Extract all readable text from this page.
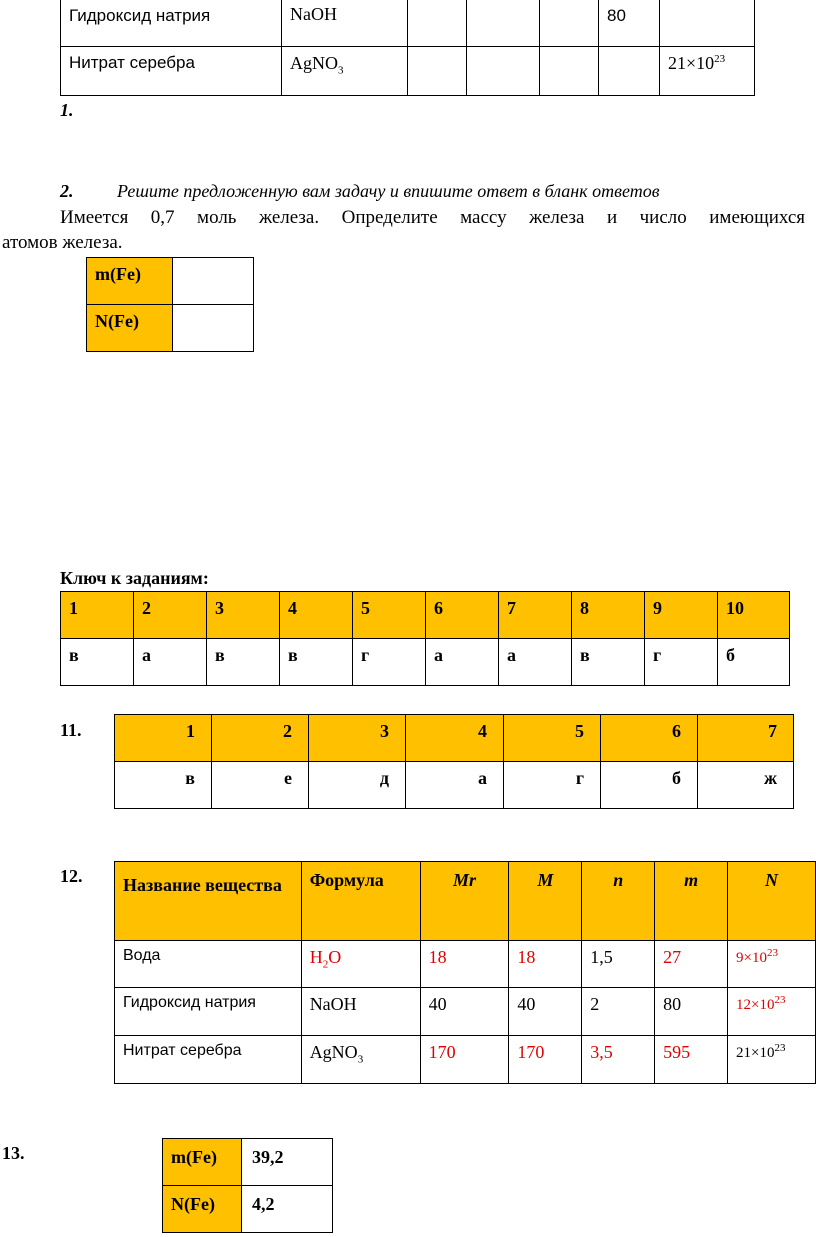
Гидроксид натрия	NaOH				80	
Нитрат серебра	AgNO$_3$					$21\times 10^{23}$
1.
2. Решите предложенную вам задачу и впишите ответ в бланк ответов
Имеется 0,7 моль железа. Определите массу железа и число имеющихся
атомов железа.
m(Fe)	
N(Fe)	
Ключ к заданиям:
1	2	3	4	5	6	7	8	9	10
в	а	в	в	г	а	а	в	г	б
11.	1	2	3	4	5	6	7
в	е	д	а	г	б	ж
12. Название вещества	Формула	Mr	M	n	m	N
Вода	$H_2O$	18	18	1,5	27	$9\times 10^{23}$
Гидроксид натрия	NaOH	40	40	2	80	$12\times 10^{23}$
Нитрат серебра	AgNO$_3$	170	170	3,5	595	$21\times 10^{23}$
13.	m(Fe)	39,2
N(Fe)	4,2
